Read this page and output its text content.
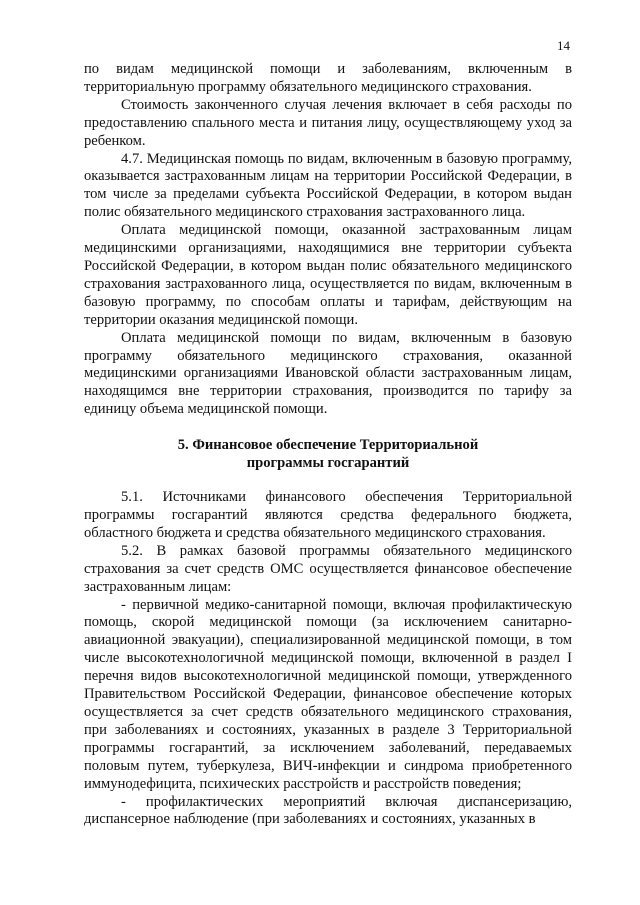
14

по видам медицинской помощи и заболеваниям, включенным в территориальную программу обязательного медицинского страхования.

Стоимость законченного случая лечения включает в себя расходы по предоставлению спального места и питания лицу, осуществляющему уход за ребенком.

4.7. Медицинская помощь по видам, включенным в базовую программу, оказывается застрахованным лицам на территории Российской Федерации, в том числе за пределами субъекта Российской Федерации, в котором выдан полис обязательного медицинского страхования застрахованного лица.

Оплата медицинской помощи, оказанной застрахованным лицам медицинскими организациями, находящимися вне территории субъекта Российской Федерации, в котором выдан полис обязательного медицинского страхования застрахованного лица, осуществляется по видам, включенным в базовую программу, по способам оплаты и тарифам, действующим на территории оказания медицинской помощи.

Оплата медицинской помощи по видам, включенным в базовую программу обязательного медицинского страхования, оказанной медицинскими организациями Ивановской области застрахованным лицам, находящимся вне территории страхования, производится по тарифу за единицу объема медицинской помощи.

5. Финансовое обеспечение Территориальной
программы госгарантий

5.1. Источниками финансового обеспечения Территориальной программы госгарантий являются средства федерального бюджета, областного бюджета и средства обязательного медицинского страхования.

5.2. В рамках базовой программы обязательного медицинского страхования за счет средств ОМС осуществляется финансовое обеспечение застрахованным лицам:

- первичной медико-санитарной помощи, включая профилактическую помощь, скорой медицинской помощи (за исключением санитарно-авиационной эвакуации), специализированной медицинской помощи, в том числе высокотехнологичной медицинской помощи, включенной в раздел I перечня видов высокотехнологичной медицинской помощи, утвержденного Правительством Российской Федерации, финансовое обеспечение которых осуществляется за счет средств обязательного медицинского страхования, при заболеваниях и состояниях, указанных в разделе 3 Территориальной программы госгарантий, за исключением заболеваний, передаваемых половым путем, туберкулеза, ВИЧ-инфекции и синдрома приобретенного иммунодефицита, психических расстройств и расстройств поведения;

- профилактических мероприятий включая диспансеризацию, диспансерное наблюдение (при заболеваниях и состояниях, указанных в
